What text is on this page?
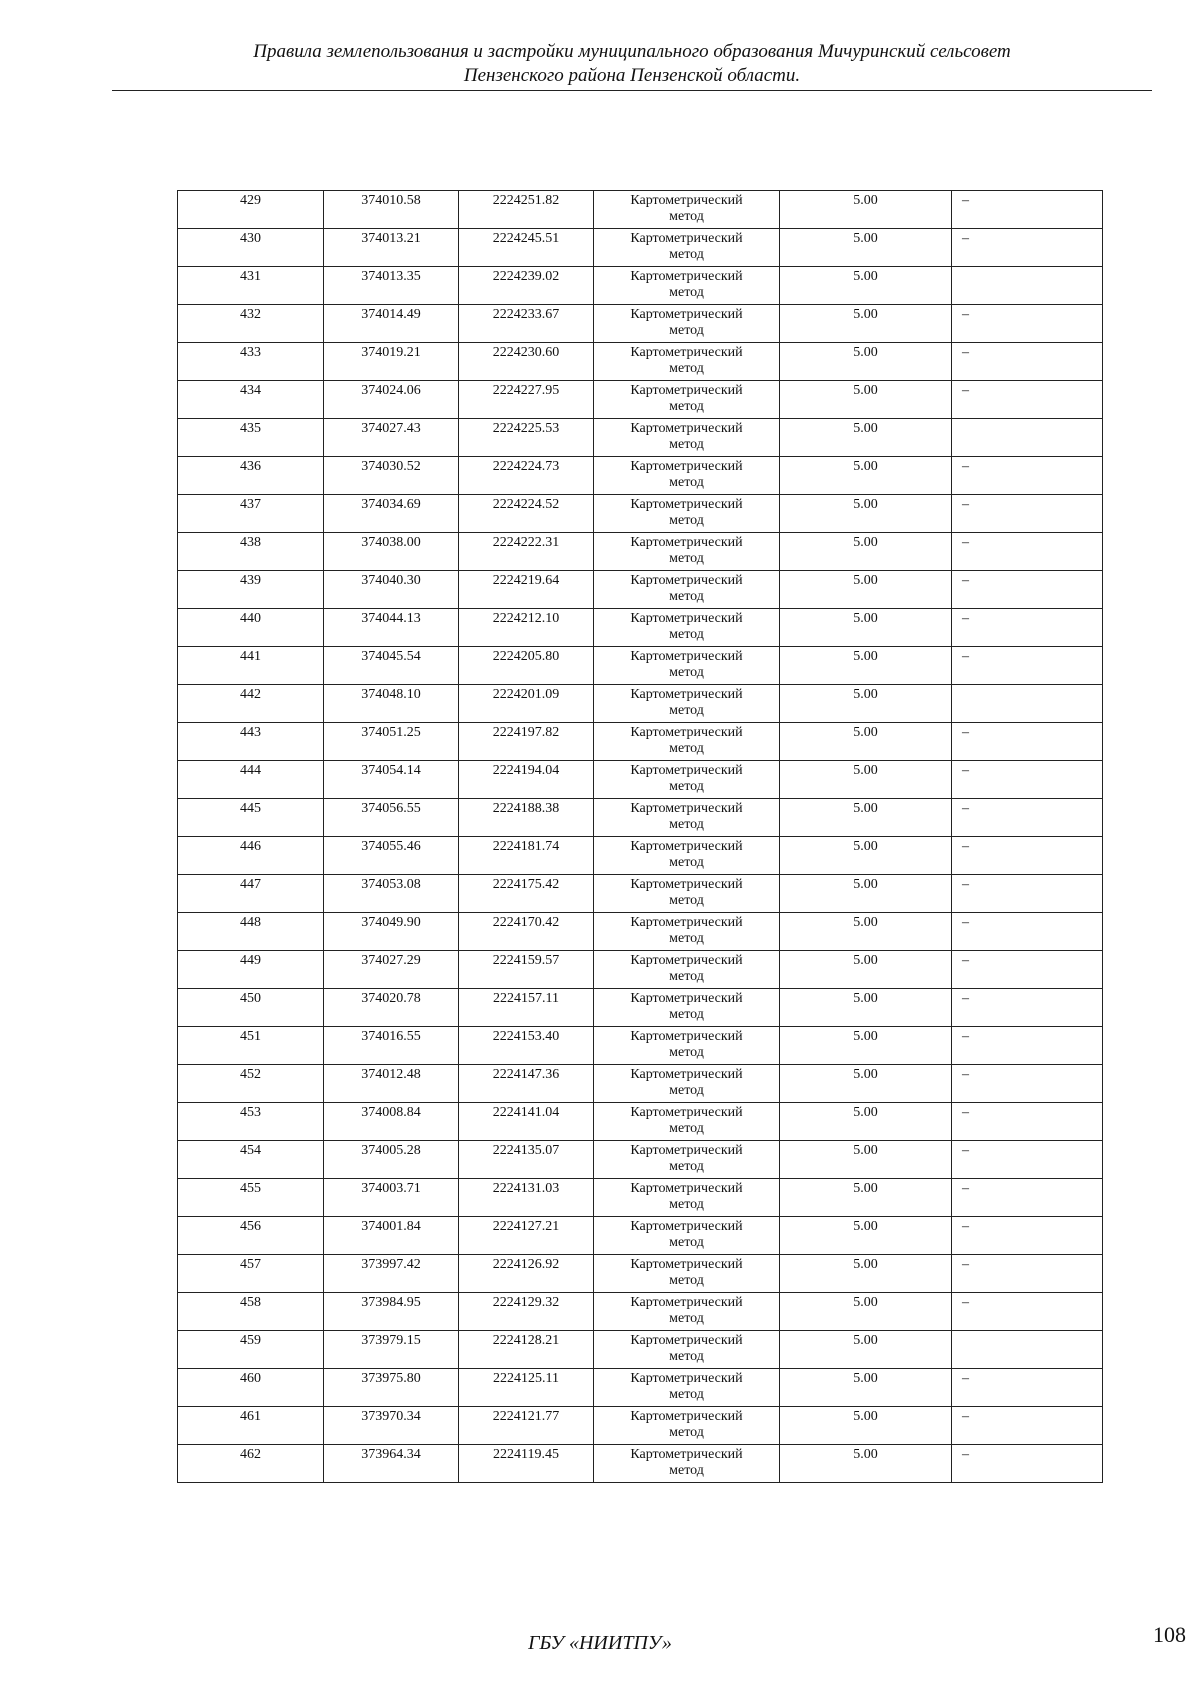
Правила землепользования и застройки муниципального образования Мичуринский сельсовет
Пензенского района Пензенской области.
429	374010.58	2224251.82	Картометрический
метод	5.00	–
430	374013.21	2224245.51	Картометрический
метод	5.00	–
431	374013.35	2224239.02	Картометрический
метод	5.00	
432	374014.49	2224233.67	Картометрический
метод	5.00	–
433	374019.21	2224230.60	Картометрический
метод	5.00	–
434	374024.06	2224227.95	Картометрический
метод	5.00	–
435	374027.43	2224225.53	Картометрический
метод	5.00	
436	374030.52	2224224.73	Картометрический
метод	5.00	–
437	374034.69	2224224.52	Картометрический
метод	5.00	–
438	374038.00	2224222.31	Картометрический
метод	5.00	–
439	374040.30	2224219.64	Картометрический
метод	5.00	–
440	374044.13	2224212.10	Картометрический
метод	5.00	–
441	374045.54	2224205.80	Картометрический
метод	5.00	–
442	374048.10	2224201.09	Картометрический
метод	5.00	
443	374051.25	2224197.82	Картометрический
метод	5.00	–
444	374054.14	2224194.04	Картометрический
метод	5.00	–
445	374056.55	2224188.38	Картометрический
метод	5.00	–
446	374055.46	2224181.74	Картометрический
метод	5.00	–
447	374053.08	2224175.42	Картометрический
метод	5.00	–
448	374049.90	2224170.42	Картометрический
метод	5.00	–
449	374027.29	2224159.57	Картометрический
метод	5.00	–
450	374020.78	2224157.11	Картометрический
метод	5.00	–
451	374016.55	2224153.40	Картометрический
метод	5.00	–
452	374012.48	2224147.36	Картометрический
метод	5.00	–
453	374008.84	2224141.04	Картометрический
метод	5.00	–
454	374005.28	2224135.07	Картометрический
метод	5.00	–
455	374003.71	2224131.03	Картометрический
метод	5.00	–
456	374001.84	2224127.21	Картометрический
метод	5.00	–
457	373997.42	2224126.92	Картометрический
метод	5.00	–
458	373984.95	2224129.32	Картометрический
метод	5.00	–
459	373979.15	2224128.21	Картометрический
метод	5.00	
460	373975.80	2224125.11	Картометрический
метод	5.00	–
461	373970.34	2224121.77	Картометрический
метод	5.00	–
462	373964.34	2224119.45	Картометрический
метод	5.00	–
ГБУ «НИИТПУ»	108
